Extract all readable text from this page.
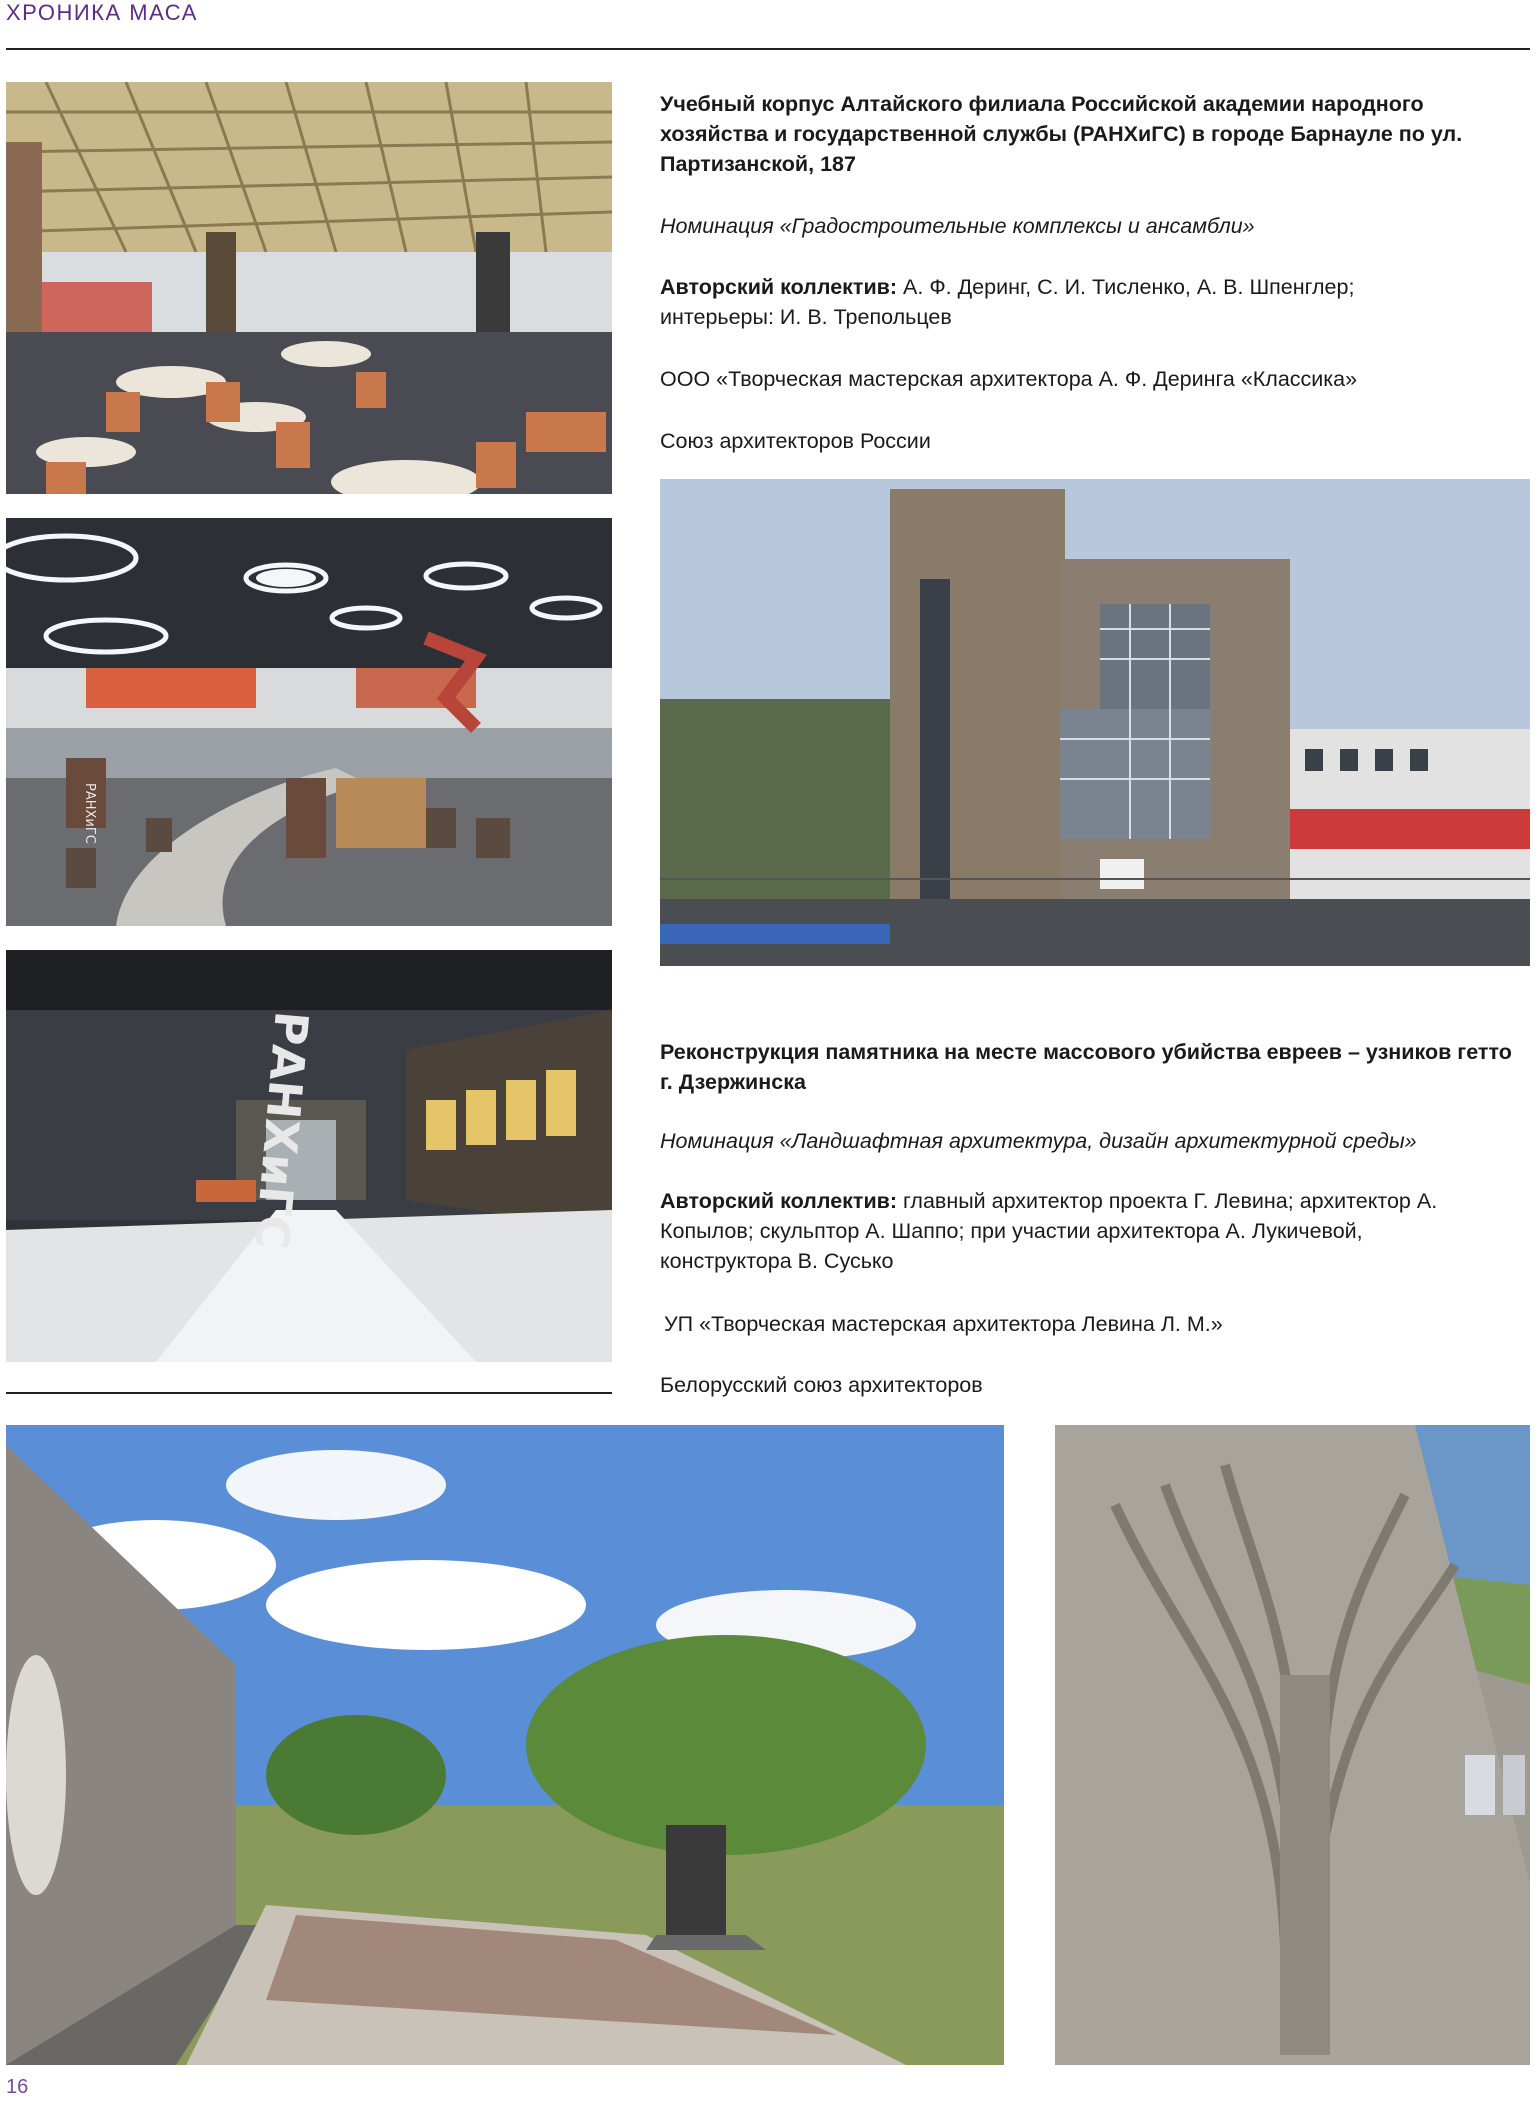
ХРОНИКА МАСА
Учебный корпус Алтайского филиала Российской академии народного хозяйства и государственной службы (РАНХиГС) в городе Барнауле по ул. Партизанской, 187
Номинация «Градостроительные комплексы и ансамбли»
Авторский коллектив: А. Ф. Деринг, С. И. Тисленко, А. В. Шпенглер; интерьеры: И. В. Трепольцев
ООО «Творческая мастерская архитектора А. Ф. Деринга «Классика»
Союз архитекторов России
РАНХиГС
РАНХиГС	Реконструкция памятника на месте массового убийства евреев – узников гетто г. Дзержинска
Номинация «Ландшафтная архитектура, дизайн архитектурной среды»
Авторский коллектив: главный архитектор проекта Г. Левина; архитектор А. Копылов; скульптор А. Шаппо; при участии архитектора А. Лукичевой, конструктора В. Сусько
УП «Творческая мастерская архитектора Левина Л. М.»
Белорусский союз архитекторов
16
